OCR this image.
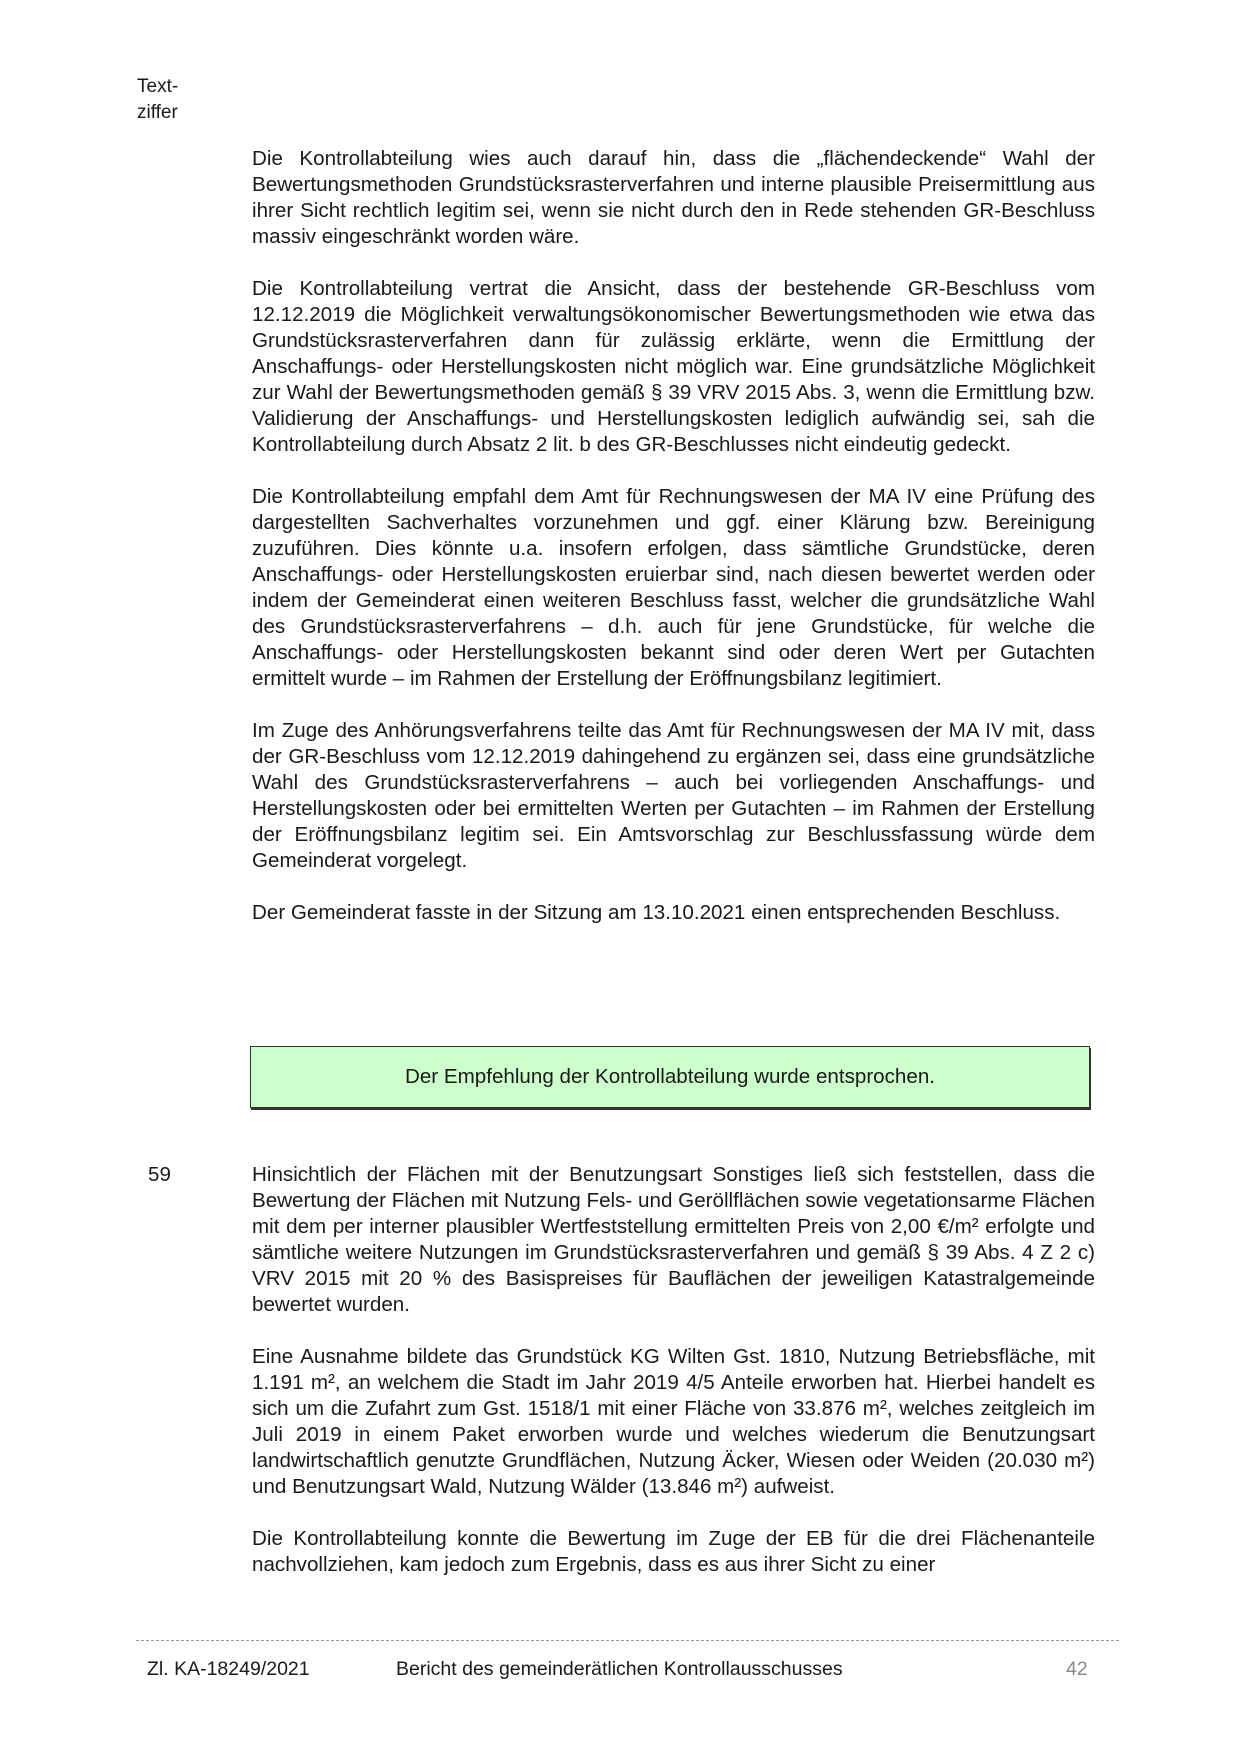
Text-
ziffer

Die Kontrollabteilung wies auch darauf hin, dass die „flächendeckende“ Wahl der Bewertungsmethoden Grundstücksrasterverfahren und interne plausible Preisermittlung aus ihrer Sicht rechtlich legitim sei, wenn sie nicht durch den in Rede stehenden GR-Beschluss massiv eingeschränkt worden wäre.

Die Kontrollabteilung vertrat die Ansicht, dass der bestehende GR-Beschluss vom 12.12.2019 die Möglichkeit verwaltungsökonomischer Bewertungsmethoden wie etwa das Grundstücksrasterverfahren dann für zulässig erklärte, wenn die Ermittlung der Anschaffungs- oder Herstellungskosten nicht möglich war. Eine grundsätzliche Möglichkeit zur Wahl der Bewertungsmethoden gemäß § 39 VRV 2015 Abs. 3, wenn die Ermittlung bzw. Validierung der Anschaffungs- und Herstellungskosten lediglich aufwändig sei, sah die Kontrollabteilung durch Absatz 2 lit. b des GR-Beschlusses nicht eindeutig gedeckt.

Die Kontrollabteilung empfahl dem Amt für Rechnungswesen der MA IV eine Prüfung des dargestellten Sachverhaltes vorzunehmen und ggf. einer Klärung bzw. Bereinigung zuzuführen. Dies könnte u.a. insofern erfolgen, dass sämtliche Grundstücke, deren Anschaffungs- oder Herstellungskosten eruierbar sind, nach diesen bewertet werden oder indem der Gemeinderat einen weiteren Beschluss fasst, welcher die grundsätzliche Wahl des Grundstücksrasterverfahrens – d.h. auch für jene Grundstücke, für welche die Anschaffungs- oder Herstellungskosten bekannt sind oder deren Wert per Gutachten ermittelt wurde – im Rahmen der Erstellung der Eröffnungsbilanz legitimiert.

Im Zuge des Anhörungsverfahrens teilte das Amt für Rechnungswesen der MA IV mit, dass der GR-Beschluss vom 12.12.2019 dahingehend zu ergänzen sei, dass eine grundsätzliche Wahl des Grundstücksrasterverfahrens – auch bei vorliegenden Anschaffungs- und Herstellungskosten oder bei ermittelten Werten per Gutachten – im Rahmen der Erstellung der Eröffnungsbilanz legitim sei. Ein Amtsvorschlag zur Beschlussfassung würde dem Gemeinderat vorgelegt.

Der Gemeinderat fasste in der Sitzung am 13.10.2021 einen entsprechenden Beschluss.

Der Empfehlung der Kontrollabteilung wurde entsprochen.
59	Hinsichtlich der Flächen mit der Benutzungsart Sonstiges ließ sich feststellen, dass die Bewertung der Flächen mit Nutzung Fels- und Geröllflächen sowie vegetationsarme Flächen mit dem per interner plausibler Wertfeststellung ermittelten Preis von 2,00 €/m² erfolgte und sämtliche weitere Nutzungen im Grundstücksrasterverfahren und gemäß § 39 Abs. 4 Z 2 c) VRV 2015 mit 20 % des Basispreises für Bauflächen der jeweiligen Katastralgemeinde bewertet wurden.

Eine Ausnahme bildete das Grundstück KG Wilten Gst. 1810, Nutzung Betriebsfläche, mit 1.191 m², an welchem die Stadt im Jahr 2019 4/5 Anteile erworben hat. Hierbei handelt es sich um die Zufahrt zum Gst. 1518/1 mit einer Fläche von 33.876 m², welches zeitgleich im Juli 2019 in einem Paket erworben wurde und welches wiederum die Benutzungsart landwirtschaftlich genutzte Grundflächen, Nutzung Äcker, Wiesen oder Weiden (20.030 m²) und Benutzungsart Wald, Nutzung Wälder (13.846 m²) aufweist.

Die Kontrollabteilung konnte die Bewertung im Zuge der EB für die drei Flächenanteile nachvollziehen, kam jedoch zum Ergebnis, dass es aus ihrer Sicht zu einer

Zl. KA-18249/2021	Bericht des gemeinderätlichen Kontrollausschusses	42
